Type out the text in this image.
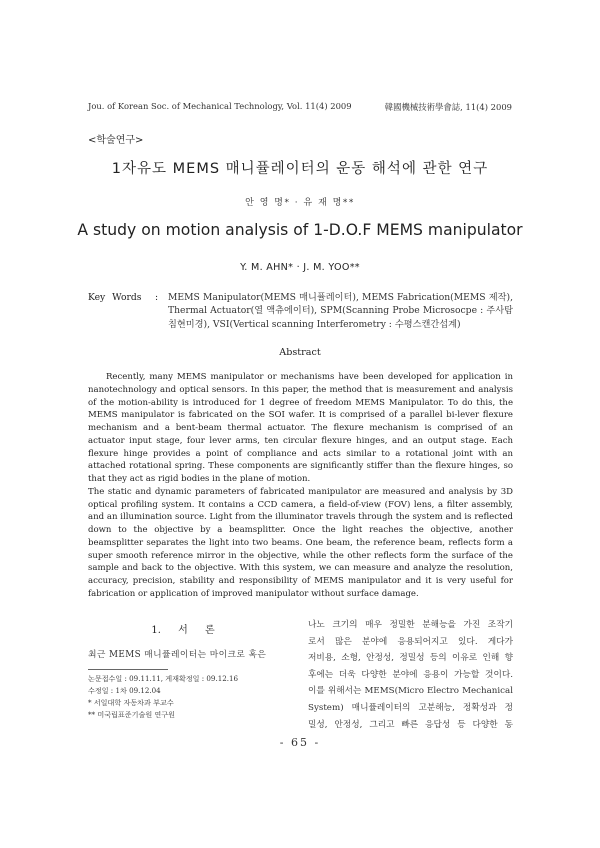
Jou. of Korean Soc. of Mechanical Technology, Vol. 11(4) 2009	韓國機械技術學會誌, 11(4) 2009
<학술연구>
1자유도 MEMS 매니퓰레이터의 운동 해석에 관한 연구
안 영 명* · 유 재 명**
A study on motion analysis of 1-D.O.F MEMS manipulator
Y. M. AHN* · J. M. YOO**
Key Words : MEMS Manipulator(MEMS 매니퓰레이터), MEMS Fabrication(MEMS 제작), Thermal Actuator(열 액츄에이터), SPM(Scanning Probe Microsocpe : 주사탐침현미경), VSI(Vertical scanning Interferometry : 수평스캔간섭계)
Abstract

Recently, many MEMS manipulator or mechanisms have been developed for application in nanotechnology and optical sensors. In this paper, the method that is measurement and analysis of the motion-ability is introduced for 1 degree of freedom MEMS Manipulator. To do this, the MEMS manipulator is fabricated on the SOI wafer. It is comprised of a parallel bi-lever flexure mechanism and a bent-beam thermal actuator. The flexure mechanism is comprised of an actuator input stage, four lever arms, ten circular flexure hinges, and an output stage. Each flexure hinge provides a point of compliance and acts similar to a rotational joint with an attached rotational spring. These components are significantly stiffer than the flexure hinges, so that they act as rigid bodies in the plane of motion.

The static and dynamic parameters of fabricated manipulator are measured and analysis by 3D optical profiling system. It contains a CCD camera, a field-of-view (FOV) lens, a filter assembly, and an illumination source. Light from the illuminator travels through the system and is reflected down to the objective by a beamsplitter. Once the light reaches the objective, another beamsplitter separates the light into two beams. One beam, the reference beam, reflects form a super smooth reference mirror in the objective, while the other reflects form the surface of the sample and back to the objective. With this system, we can measure and analyze the resolution, accuracy, precision, stability and responsibility of MEMS manipulator and it is very useful for fabrication or application of improved manipulator without surface damage.

1. 서 론
최근 MEMS 매니퓰레이터는 마이크로 혹은
논문접수일 : 09.11.11, 게재확정일 : 09.12.16
수정일 : 1차 09.12.04
* 서일대학 자동차과 부교수
** 미국립표준기술원 연구원
나노 크기의 매우 정밀한 분해능을 가진 조작기
로서 많은 분야에 응용되어지고 있다. 게다가
저비용, 소형, 안정성, 정밀성 등의 이유로 인해 향
후에는 더욱 다양한 분야에 응용이 가능할 것이다.
이를 위해서는 MEMS(Micro Electro Mechanical
System) 매니퓰레이터의 고분해능, 정확성과 정
밀성, 안정성, 그리고 빠른 응답성 등 다양한 동
- 65 -
